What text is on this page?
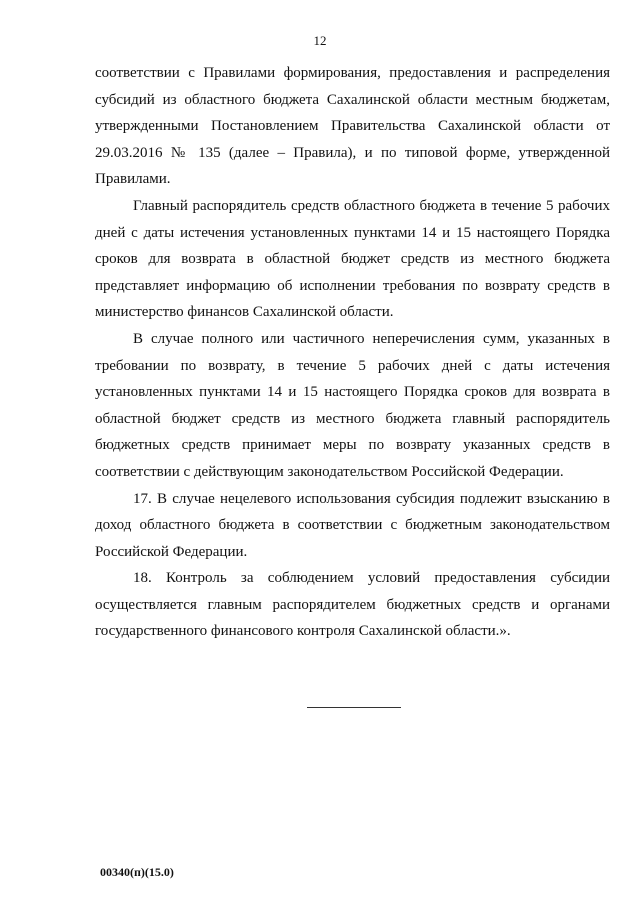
12

соответствии с Правилами формирования, предоставления и распределения субсидий из областного бюджета Сахалинской области местным бюджетам, утвержденными Постановлением Правительства Сахалинской области от 29.03.2016 № 135 (далее – Правила), и по типовой форме, утвержденной Правилами.

Главный распорядитель средств областного бюджета в течение 5 рабочих дней с даты истечения установленных пунктами 14 и 15 настоящего Порядка сроков для возврата в областной бюджет средств из местного бюджета представляет информацию об исполнении требования по возврату средств в министерство финансов Сахалинской области.

В случае полного или частичного неперечисления сумм, указанных в требовании по возврату, в течение 5 рабочих дней с даты истечения установленных пунктами 14 и 15 настоящего Порядка сроков для возврата в областной бюджет средств из местного бюджета главный распорядитель бюджетных средств принимает меры по возврату указанных средств в соответствии с действующим законодательством Российской Федерации.

17. В случае нецелевого использования субсидия подлежит взысканию в доход областного бюджета в соответствии с бюджетным законодательством Российской Федерации.

18. Контроль за соблюдением условий предоставления субсидии осуществляется главным распорядителем бюджетных средств и органами государственного финансового контроля Сахалинской области.».

00340(п)(15.0)
